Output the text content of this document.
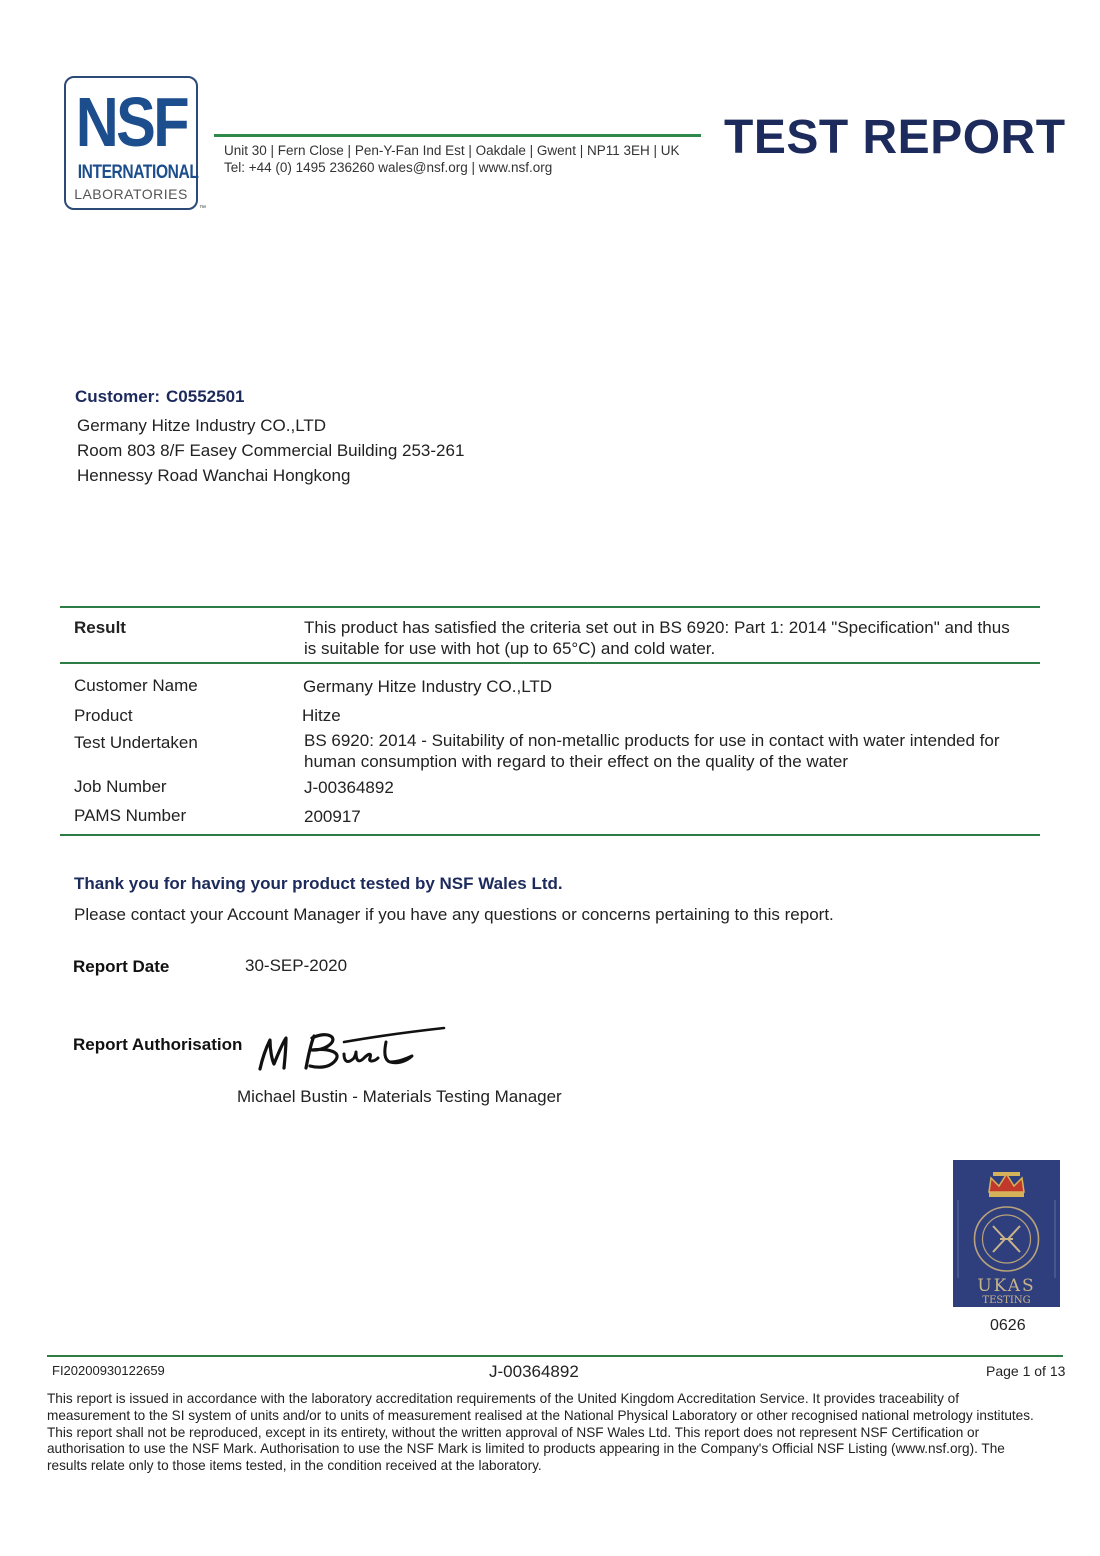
NSF
INTERNATIONAL
LABORATORIES
™
Unit 30 | Fern Close | Pen-Y-Fan Ind Est | Oakdale | Gwent | NP11 3EH | UK
Tel: +44 (0) 1495 236260 wales@nsf.org | www.nsf.org
TEST REPORT
Customer: C0552501
Germany Hitze Industry CO.,LTD
Room 803 8/F Easey Commercial Building 253-261
Hennessy Road Wanchai Hongkong
Result	This product has satisfied the criteria set out in BS 6920: Part 1: 2014 "Specification" and thus
is suitable for use with hot (up to 65°C) and cold water.
Customer Name	Germany Hitze Industry CO.,LTD
Product	Hitze
Test Undertaken	BS 6920: 2014 - Suitability of non-metallic products for use in contact with water intended for
human consumption with regard to their effect on the quality of the water
Job Number	J-00364892
PAMS Number	200917
Thank you for having your product tested by NSF Wales Ltd.
Please contact your Account Manager if you have any questions or concerns pertaining to this report.
Report Date	30-SEP-2020
Report Authorisation
Michael Bustin - Materials Testing Manager
UKAS
TESTING
0626
FI20200930122659	J-00364892	Page 1 of 13
This report is issued in accordance with the laboratory accreditation requirements of the United Kingdom Accreditation Service. It provides traceability of
measurement to the SI system of units and/or to units of measurement realised at the National Physical Laboratory or other recognised national metrology institutes.
This report shall not be reproduced, except in its entirety, without the written approval of NSF Wales Ltd. This report does not represent NSF Certification or
authorisation to use the NSF Mark. Authorisation to use the NSF Mark is limited to products appearing in the Company's Official NSF Listing (www.nsf.org). The
results relate only to those items tested, in the condition received at the laboratory.
